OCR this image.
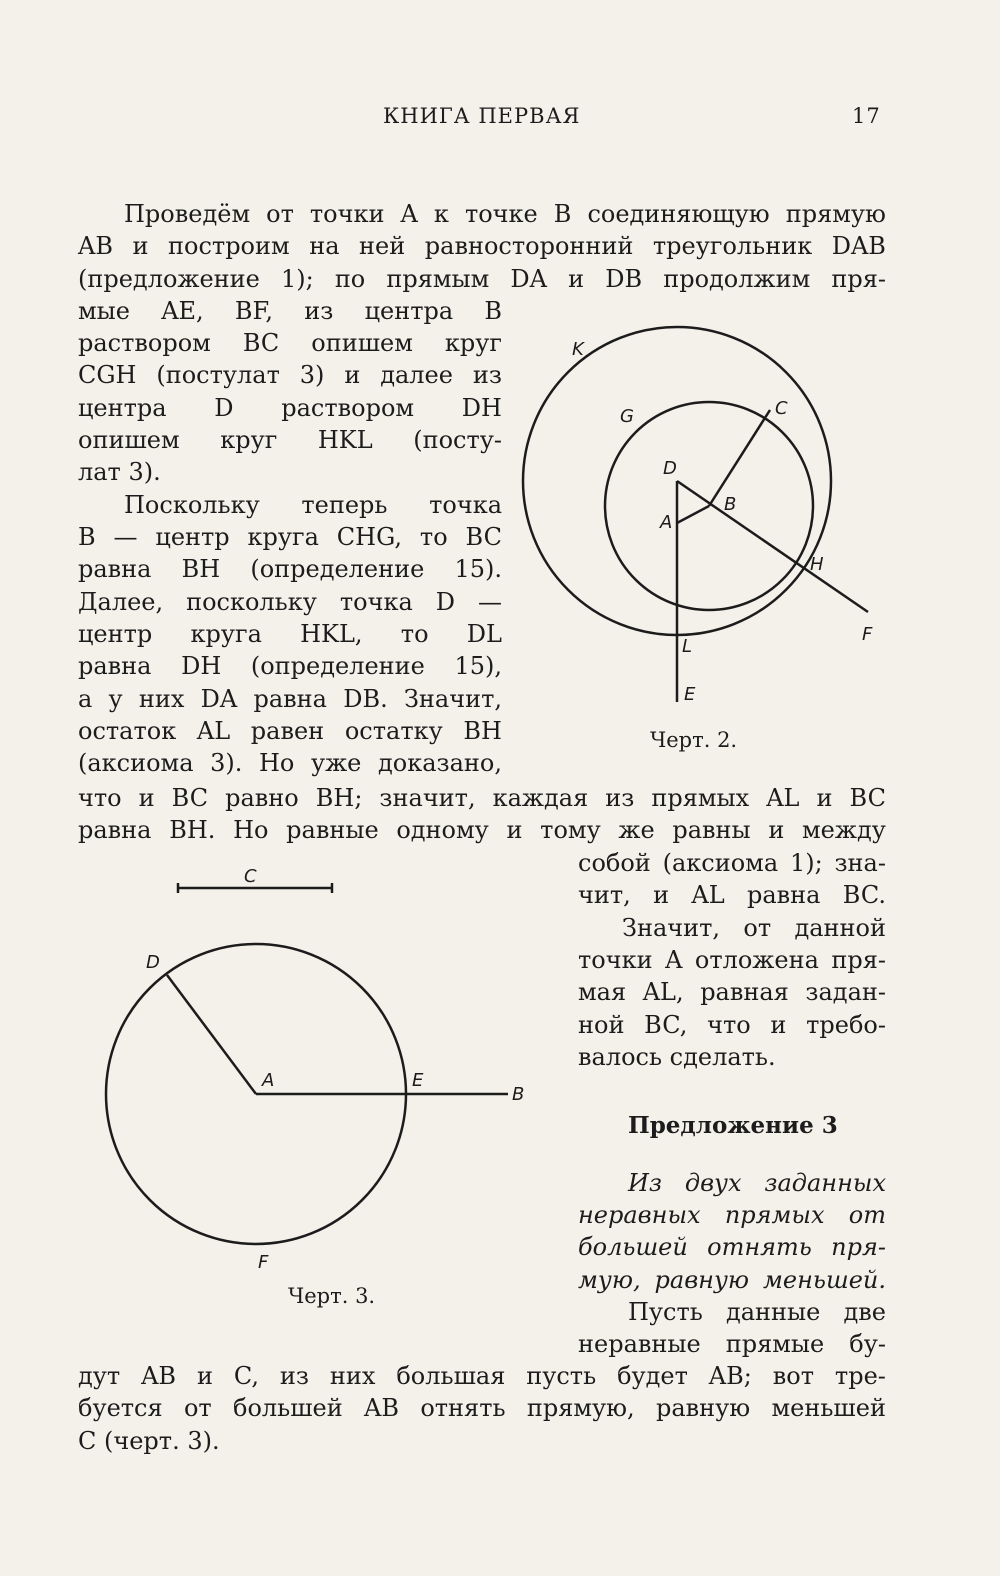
КНИГА ПЕРВАЯ	17
Проведём от точки A к точке B соединяющую прямую
AB и построим на ней равносторонний треугольник DAB
(предложение 1); по прямым DA и DB продолжим пря-
мые AE, BF, из центра B
раствором BC опишем круг
CGH (постулат 3) и далее из
центра D раствором DH
опишем круг HKL (посту-
лат 3).
Поскольку теперь точка
B — центр круга CHG, то BC
равна BH (определение 15).
Далее, поскольку точка D —
центр круга HKL, то DL
равна DH (определение 15),
а у них DA равна DB. Значит,
остаток AL равен остатку BH
(аксиома 3). Но уже доказано,
что и BC равно BH; значит, каждая из прямых AL и BC
равна BH. Но равные одному и тому же равны и между
собой (аксиома 1); зна-
чит, и AL равна BC.
Значит, от данной
точки A отложена пря-
мая AL, равная задан-
ной BC, что и требо-
валось сделать.
Предложение 3
Из двух заданных
неравных прямых от
большей отнять пря-
мую, равную меньшей.
Пусть данные две
неравные прямые бу-
дут AB и C, из них большая пусть будет AB; вот тре-
буется от большей AB отнять прямую, равную меньшей
C (черт. 3).
K
G	C
D
B
A
H
F
L
E
Черт. 2.
C
D
A	E
B
F
Черт. 3.
